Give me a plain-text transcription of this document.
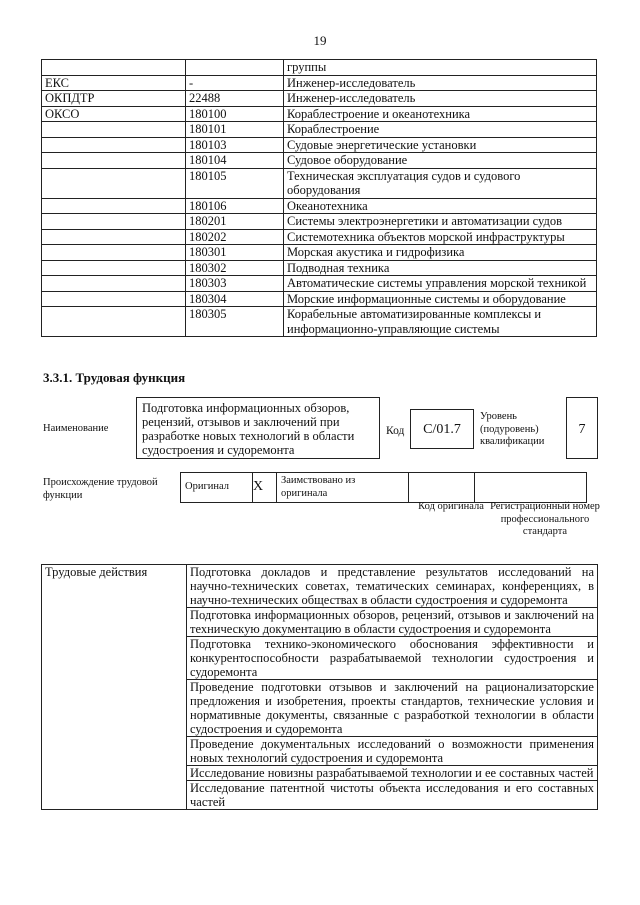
19
		группы
ЕКС	-	Инженер-исследователь
ОКПДТР	22488	Инженер-исследователь
ОКСО	180100	Кораблестроение и океанотехника
	180101	Кораблестроение
	180103	Судовые энергетические установки
	180104	Судовое оборудование
	180105	Техническая эксплуатация судов и судового оборудования
	180106	Океанотехника
	180201	Системы электроэнергетики и автоматизации судов
	180202	Системотехника объектов морской инфраструктуры
	180301	Морская акустика и гидрофизика
	180302	Подводная техника
	180303	Автоматические системы управления морской техникой
	180304	Морские информационные системы и оборудование
	180305	Корабельные автоматизированные комплексы и информационно-управляющие системы
3.3.1. Трудовая функция
Наименование
Подготовка информационных обзоров, рецензий, отзывов и заключений при разработке новых технологий в области судостроения и судоремонта
Код	C/01.7
Уровень (подуровень) квалификации
7
Происхождение трудовой функции
Оригинал	X	Заимствовано из оригинала		
Код оригинала Регистрационный номер профессионального стандарта
Трудовые действия	Подготовка докладов и представление результатов исследований на научно-технических советах, тематических семинарах, конференциях, в научно-технических обществах в области судостроения и судоремонта
Подготовка информационных обзоров, рецензий, отзывов и заключений на техническую документацию в области судостроения и судоремонта
Подготовка технико-экономического обоснования эффективности и конкурентоспособности разрабатываемой технологии судостроения и судоремонта
Проведение подготовки отзывов и заключений на рационализаторские предложения и изобретения, проекты стандартов, технические условия и нормативные документы, связанные с разработкой технологии в области судостроения и судоремонта
Проведение документальных исследований о возможности применения новых технологий судостроения и судоремонта
Исследование новизны разрабатываемой технологии и ее составных частей
Исследование патентной чистоты объекта исследования и его составных частей
